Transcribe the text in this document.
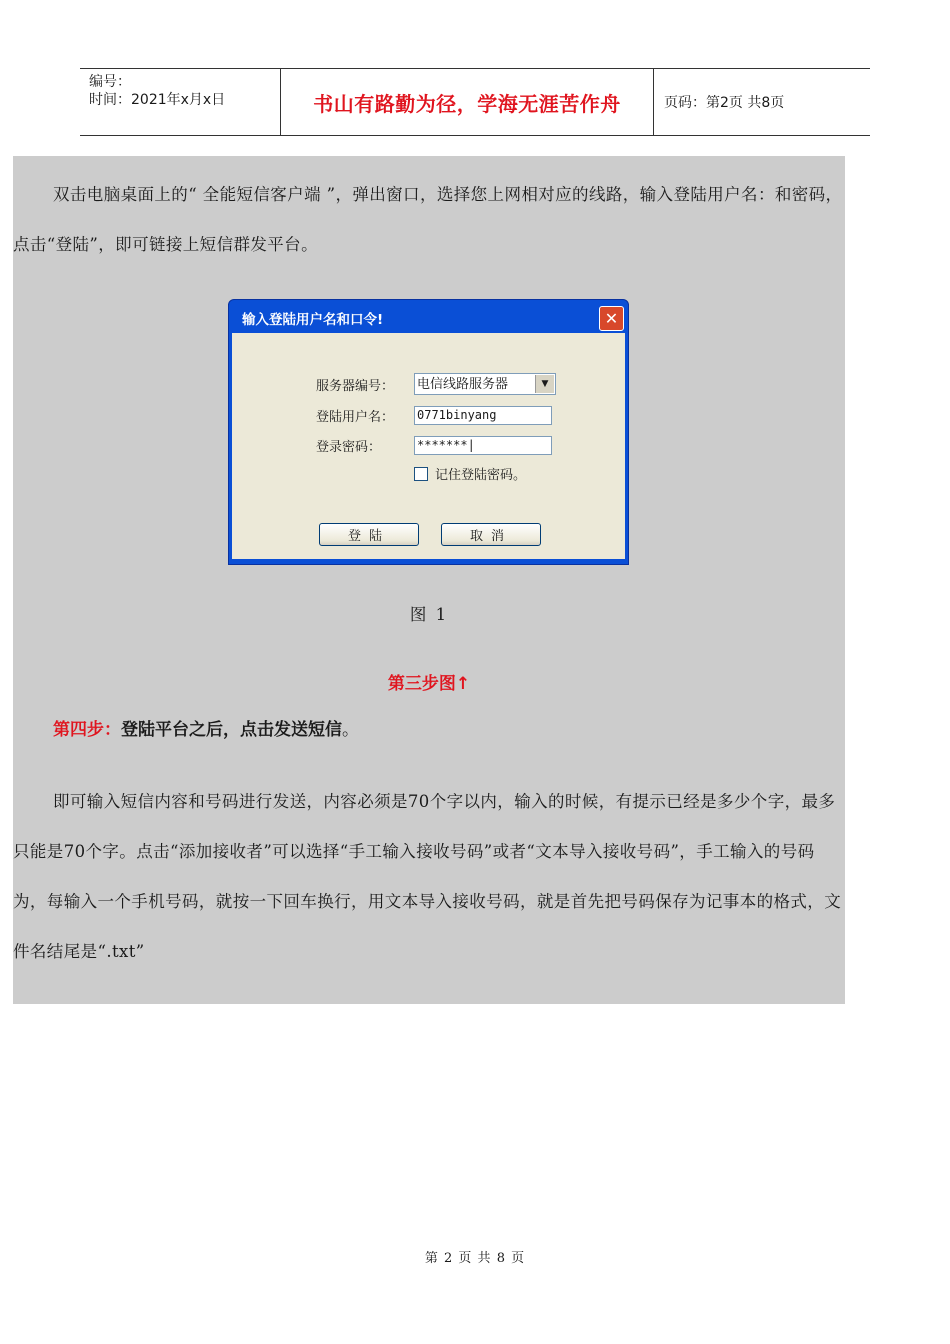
编号：
时间：2021年x月x日	书山有路勤为径，学海无涯苦作舟	页码：第2页 共8页

双击电脑桌面上的“ 全能短信客户端 ”，弹出窗口，选择您上网相对应的线路，输入登陆用户名：和密码，点击“登陆”，即可链接上短信群发平台。

输入登陆用户名和口令!	✕
服务器编号：	电信线路服务器	▼
登陆用户名：	0771binyang
登录密码：	*******|
记住登陆密码。
登陆	取消
图 1
第三步图↑
第四步：登陆平台之后，点击发送短信。

即可输入短信内容和号码进行发送，内容必须是70个字以内，输入的时候，有提示已经是多少个字，最多只能是70个字。点击“添加接收者”可以选择“手工输入接收号码”或者“文本导入接收号码”，手工输入的号码为，每输入一个手机号码，就按一下回车换行，用文本导入接收号码，就是首先把号码保存为记事本的格式，文件名结尾是“.txt”

第 2 页 共 8 页
